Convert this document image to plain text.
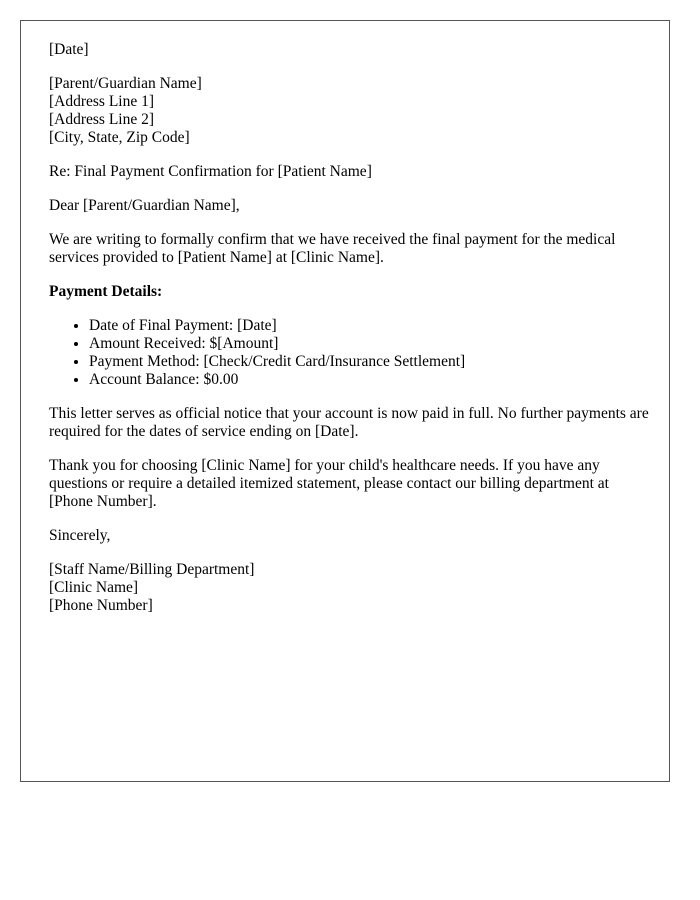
[Date]

[Parent/Guardian Name]
[Address Line 1]
[Address Line 2]
[City, State, Zip Code]

Re: Final Payment Confirmation for [Patient Name]

Dear [Parent/Guardian Name],

We are writing to formally confirm that we have received the final payment for the medical services provided to [Patient Name] at [Clinic Name].

Payment Details:

• Date of Final Payment: [Date]
• Amount Received: $[Amount]
• Payment Method: [Check/Credit Card/Insurance Settlement]
• Account Balance: $0.00

This letter serves as official notice that your account is now paid in full. No further payments are required for the dates of service ending on [Date].

Thank you for choosing [Clinic Name] for your child's healthcare needs. If you have any questions or require a detailed itemized statement, please contact our billing department at [Phone Number].

Sincerely,

[Staff Name/Billing Department]
[Clinic Name]
[Phone Number]
